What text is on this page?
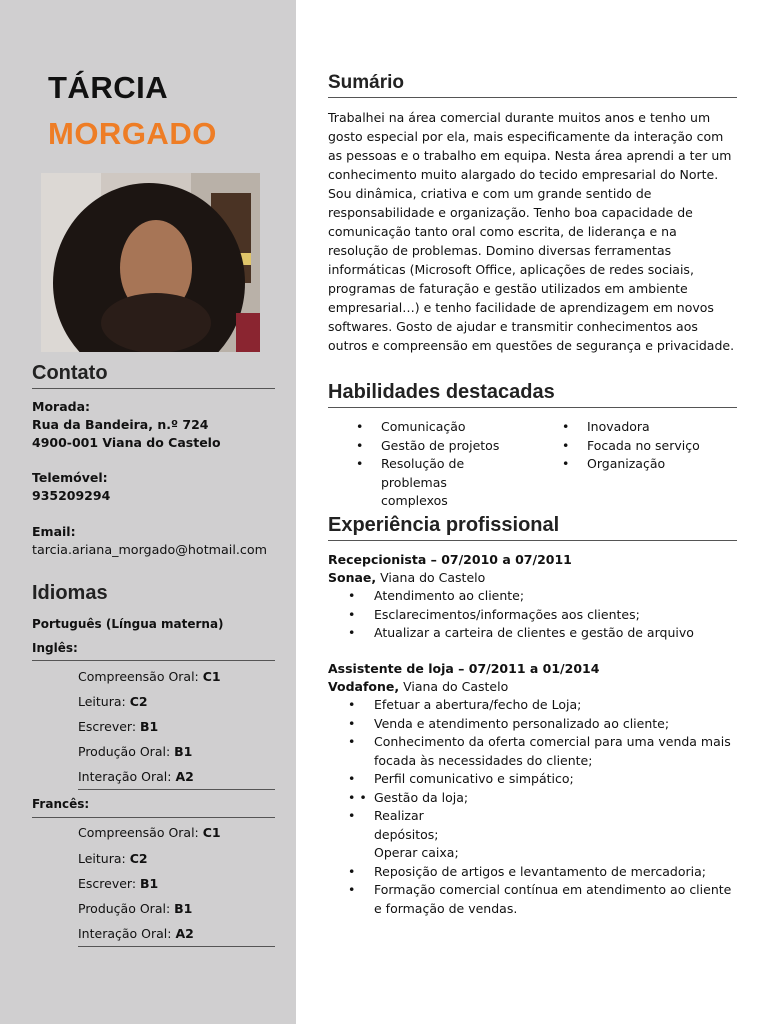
TÁRCIA
MORGADO
Contato
Morada:
Rua da Bandeira, n.º 724
4900-001 Viana do Castelo
Telemóvel:
935209294
Email:
tarcia.ariana_morgado@hotmail.com
Idiomas
Português (Língua materna)
Inglês:
Compreensão Oral: C1
Leitura: C2
Escrever: B1
Produção Oral: B1
Interação Oral: A2
Francês:
Compreensão Oral: C1
Leitura: C2
Escrever: B1
Produção Oral: B1
Interação Oral: A2
Sumário
Trabalhei na área comercial durante muitos anos e tenho um gosto especial por ela, mais especificamente da interação com as pessoas e o trabalho em equipa. Nesta área aprendi a ter um conhecimento muito alargado do tecido empresarial do Norte. Sou dinâmica, criativa e com um grande sentido de responsabilidade e organização. Tenho boa capacidade de comunicação tanto oral como escrita, de liderança e na resolução de problemas. Domino diversas ferramentas informáticas (Microsoft Office, aplicações de redes sociais, programas de faturação e gestão utilizados em ambiente empresarial…) e tenho facilidade de aprendizagem em novos softwares. Gosto de ajudar e transmitir conhecimentos aos outros e compreensão em questões de segurança e privacidade.
Habilidades destacadas
• Comunicação
• Gestão de projetos
• Resolução de problemas complexos
• Inovadora
• Focada no serviço
• Organização
Experiência profissional
Recepcionista – 07/2010 a 07/2011
Sonae, Viana do Castelo
• Atendimento ao cliente;
• Esclarecimentos/informações aos clientes;
• Atualizar a carteira de clientes e gestão de arquivo
Assistente de loja – 07/2011 a 01/2014
Vodafone, Viana do Castelo
• Efetuar a abertura/fecho de Loja;
• Venda e atendimento personalizado ao cliente;
• Conhecimento da oferta comercial para uma venda mais focada às necessidades do cliente;
• Perfil comunicativo e simpático;
• • Gestão da loja;
• Realizar depósitos; Operar caixa;
• Reposição de artigos e levantamento de mercadoria;
• Formação comercial contínua em atendimento ao cliente e formação de vendas.
